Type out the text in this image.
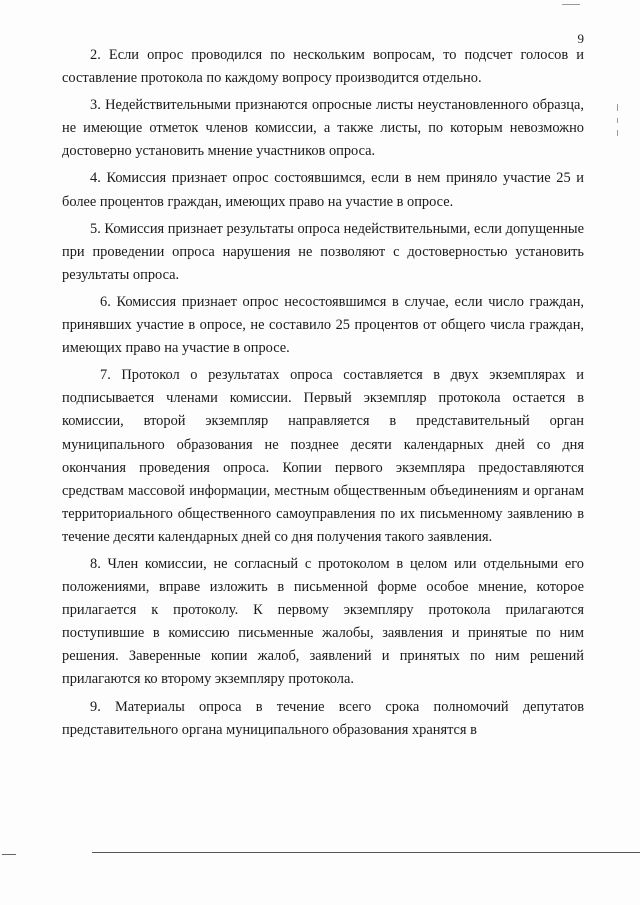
9

2. Если опрос проводился по нескольким вопросам, то подсчет голосов и составление протокола по каждому вопросу производится отдельно.

3. Недействительными признаются опросные листы неустановленного образца, не имеющие отметок членов комиссии, а также листы, по которым невозможно достоверно установить мнение участников опроса.

4. Комиссия признает опрос состоявшимся, если в нем приняло участие 25 и более процентов граждан, имеющих право на участие в опросе.

5. Комиссия признает результаты опроса недействительными, если допущенные при проведении опроса нарушения не позволяют с достоверностью установить результаты опроса.

6. Комиссия признает опрос несостоявшимся в случае, если число граждан, принявших участие в опросе, не составило 25 процентов от общего числа граждан, имеющих право на участие в опросе.

7. Протокол о результатах опроса составляется в двух экземплярах и подписывается членами комиссии. Первый экземпляр протокола остается в комиссии, второй экземпляр направляется в представительный орган муниципального образования не позднее десяти календарных дней со дня окончания проведения опроса. Копии первого экземпляра предоставляются средствам массовой информации, местным общественным объединениям и органам территориального общественного самоуправления по их письменному заявлению в течение десяти календарных дней со дня получения такого заявления.

8. Член комиссии, не согласный с протоколом в целом или отдельными его положениями, вправе изложить в письменной форме особое мнение, которое прилагается к протоколу. К первому экземпляру протокола прилагаются поступившие в комиссию письменные жалобы, заявления и принятые по ним решения. Заверенные копии жалоб, заявлений и принятых по ним решений прилагаются ко второму экземпляру протокола.

9. Материалы опроса в течение всего срока полномочий депутатов представительного органа муниципального образования хранятся в
